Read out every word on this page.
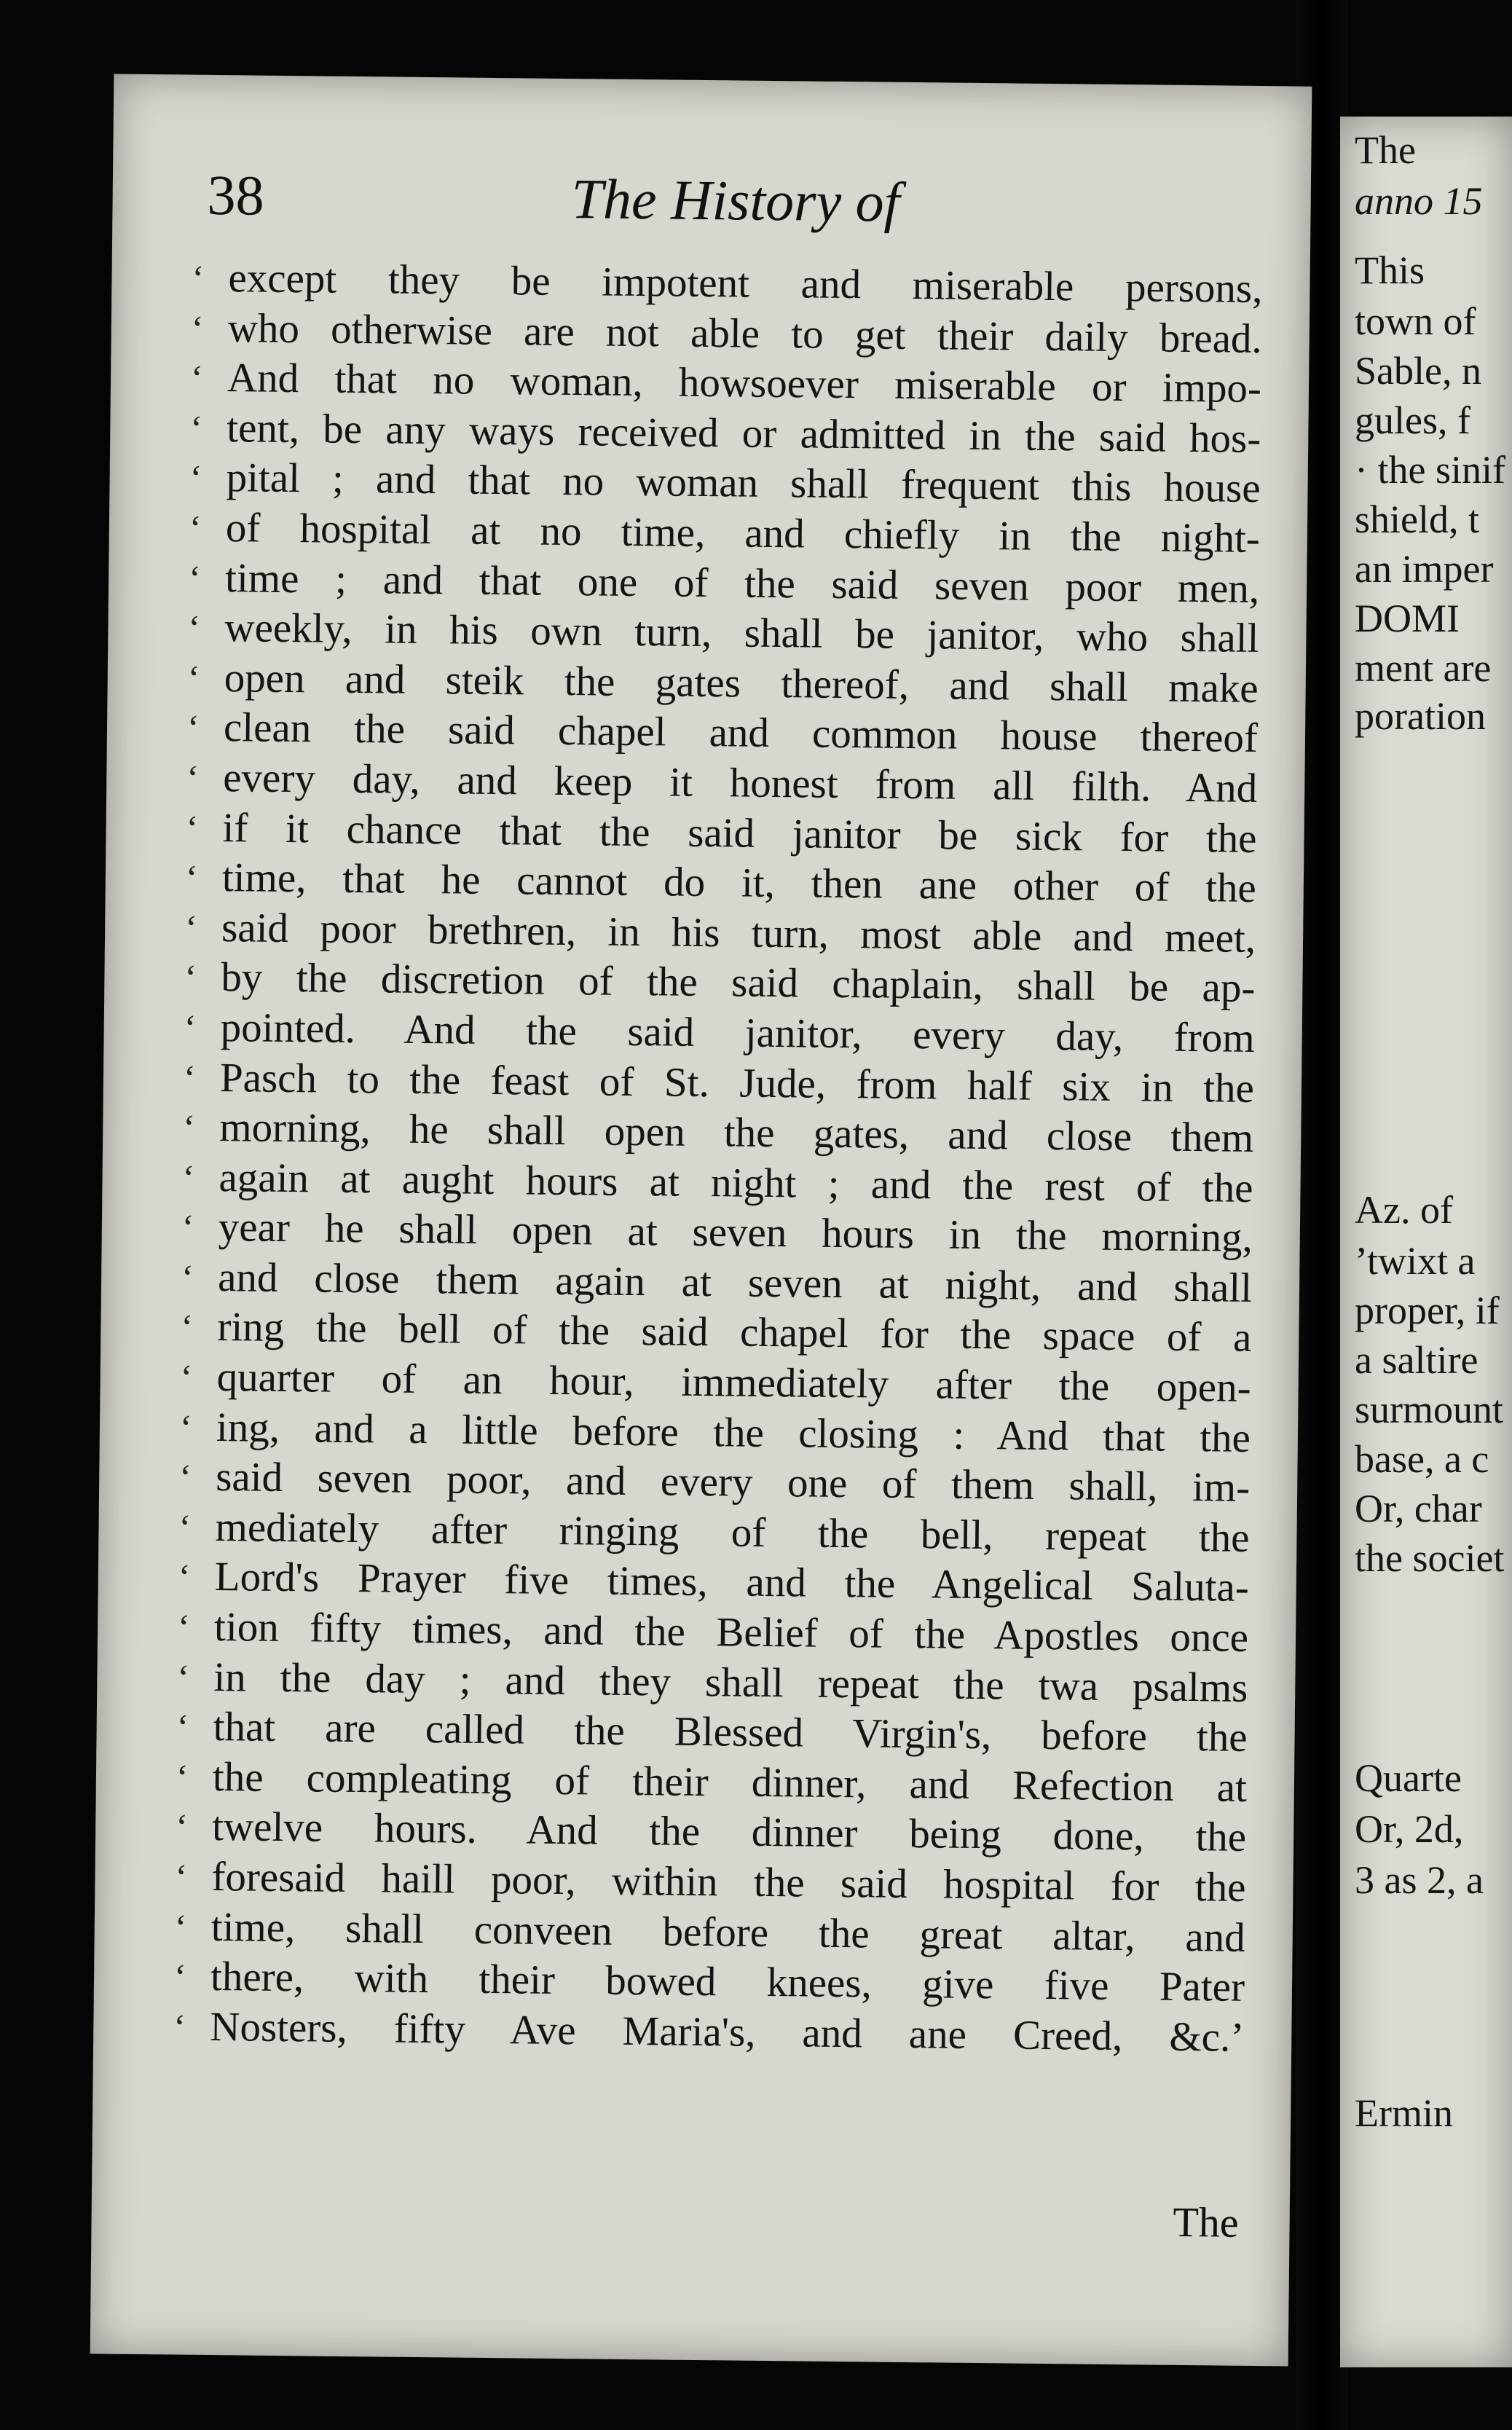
38	The History of
‘ except they be impotent and miserable persons,
‘ who otherwise are not able to get their daily bread.
‘ And that no woman, howsoever miserable or impo-
‘ tent, be any ways received or admitted in the said hos-
‘ pital ; and that no woman shall frequent this house
‘ of hospital at no time, and chiefly in the night-
‘ time ; and that one of the said seven poor men,
‘ weekly, in his own turn, shall be janitor, who shall
‘ open and steik the gates thereof, and shall make
‘ clean the said chapel and common house thereof
‘ every day, and keep it honest from all filth. And
‘ if it chance that the said janitor be sick for the
‘ time, that he cannot do it, then ane other of the
‘ said poor brethren, in his turn, most able and meet,
‘ by the discretion of the said chaplain, shall be ap-
‘ pointed. And the said janitor, every day, from
‘ Pasch to the feast of St. Jude, from half six in the
‘ morning, he shall open the gates, and close them
‘ again at aught hours at night ; and the rest of the
‘ year he shall open at seven hours in the morning,
‘ and close them again at seven at night, and shall
‘ ring the bell of the said chapel for the space of a
‘ quarter of an hour, immediately after the open-
‘ ing, and a little before the closing : And that the
‘ said seven poor, and every one of them shall, im-
‘ mediately after ringing of the bell, repeat the
‘ Lord's Prayer five times, and the Angelical Saluta-
‘ tion fifty times, and the Belief of the Apostles once
‘ in the day ; and they shall repeat the twa psalms
‘ that are called the Blessed Virgin's, before the
‘ the compleating of their dinner, and Refection at
‘ twelve hours. And the dinner being done, the
‘ foresaid haill poor, within the said hospital for the
‘ time, shall conveen before the great altar, and
‘ there, with their bowed knees, give five Pater
‘ Nosters, fifty Ave Maria's, and ane Creed, &c.’
The
The
anno 15
This
town of
Sable, n
gules, f
· the sinif
shield, t
an imper
DOMI
ment are
poration
Az. of
’twixt a
proper, if
a saltire
surmount
base, a c
Or, char
the societ
Quarte
Or, 2d,
3 as 2, a
Ermin
